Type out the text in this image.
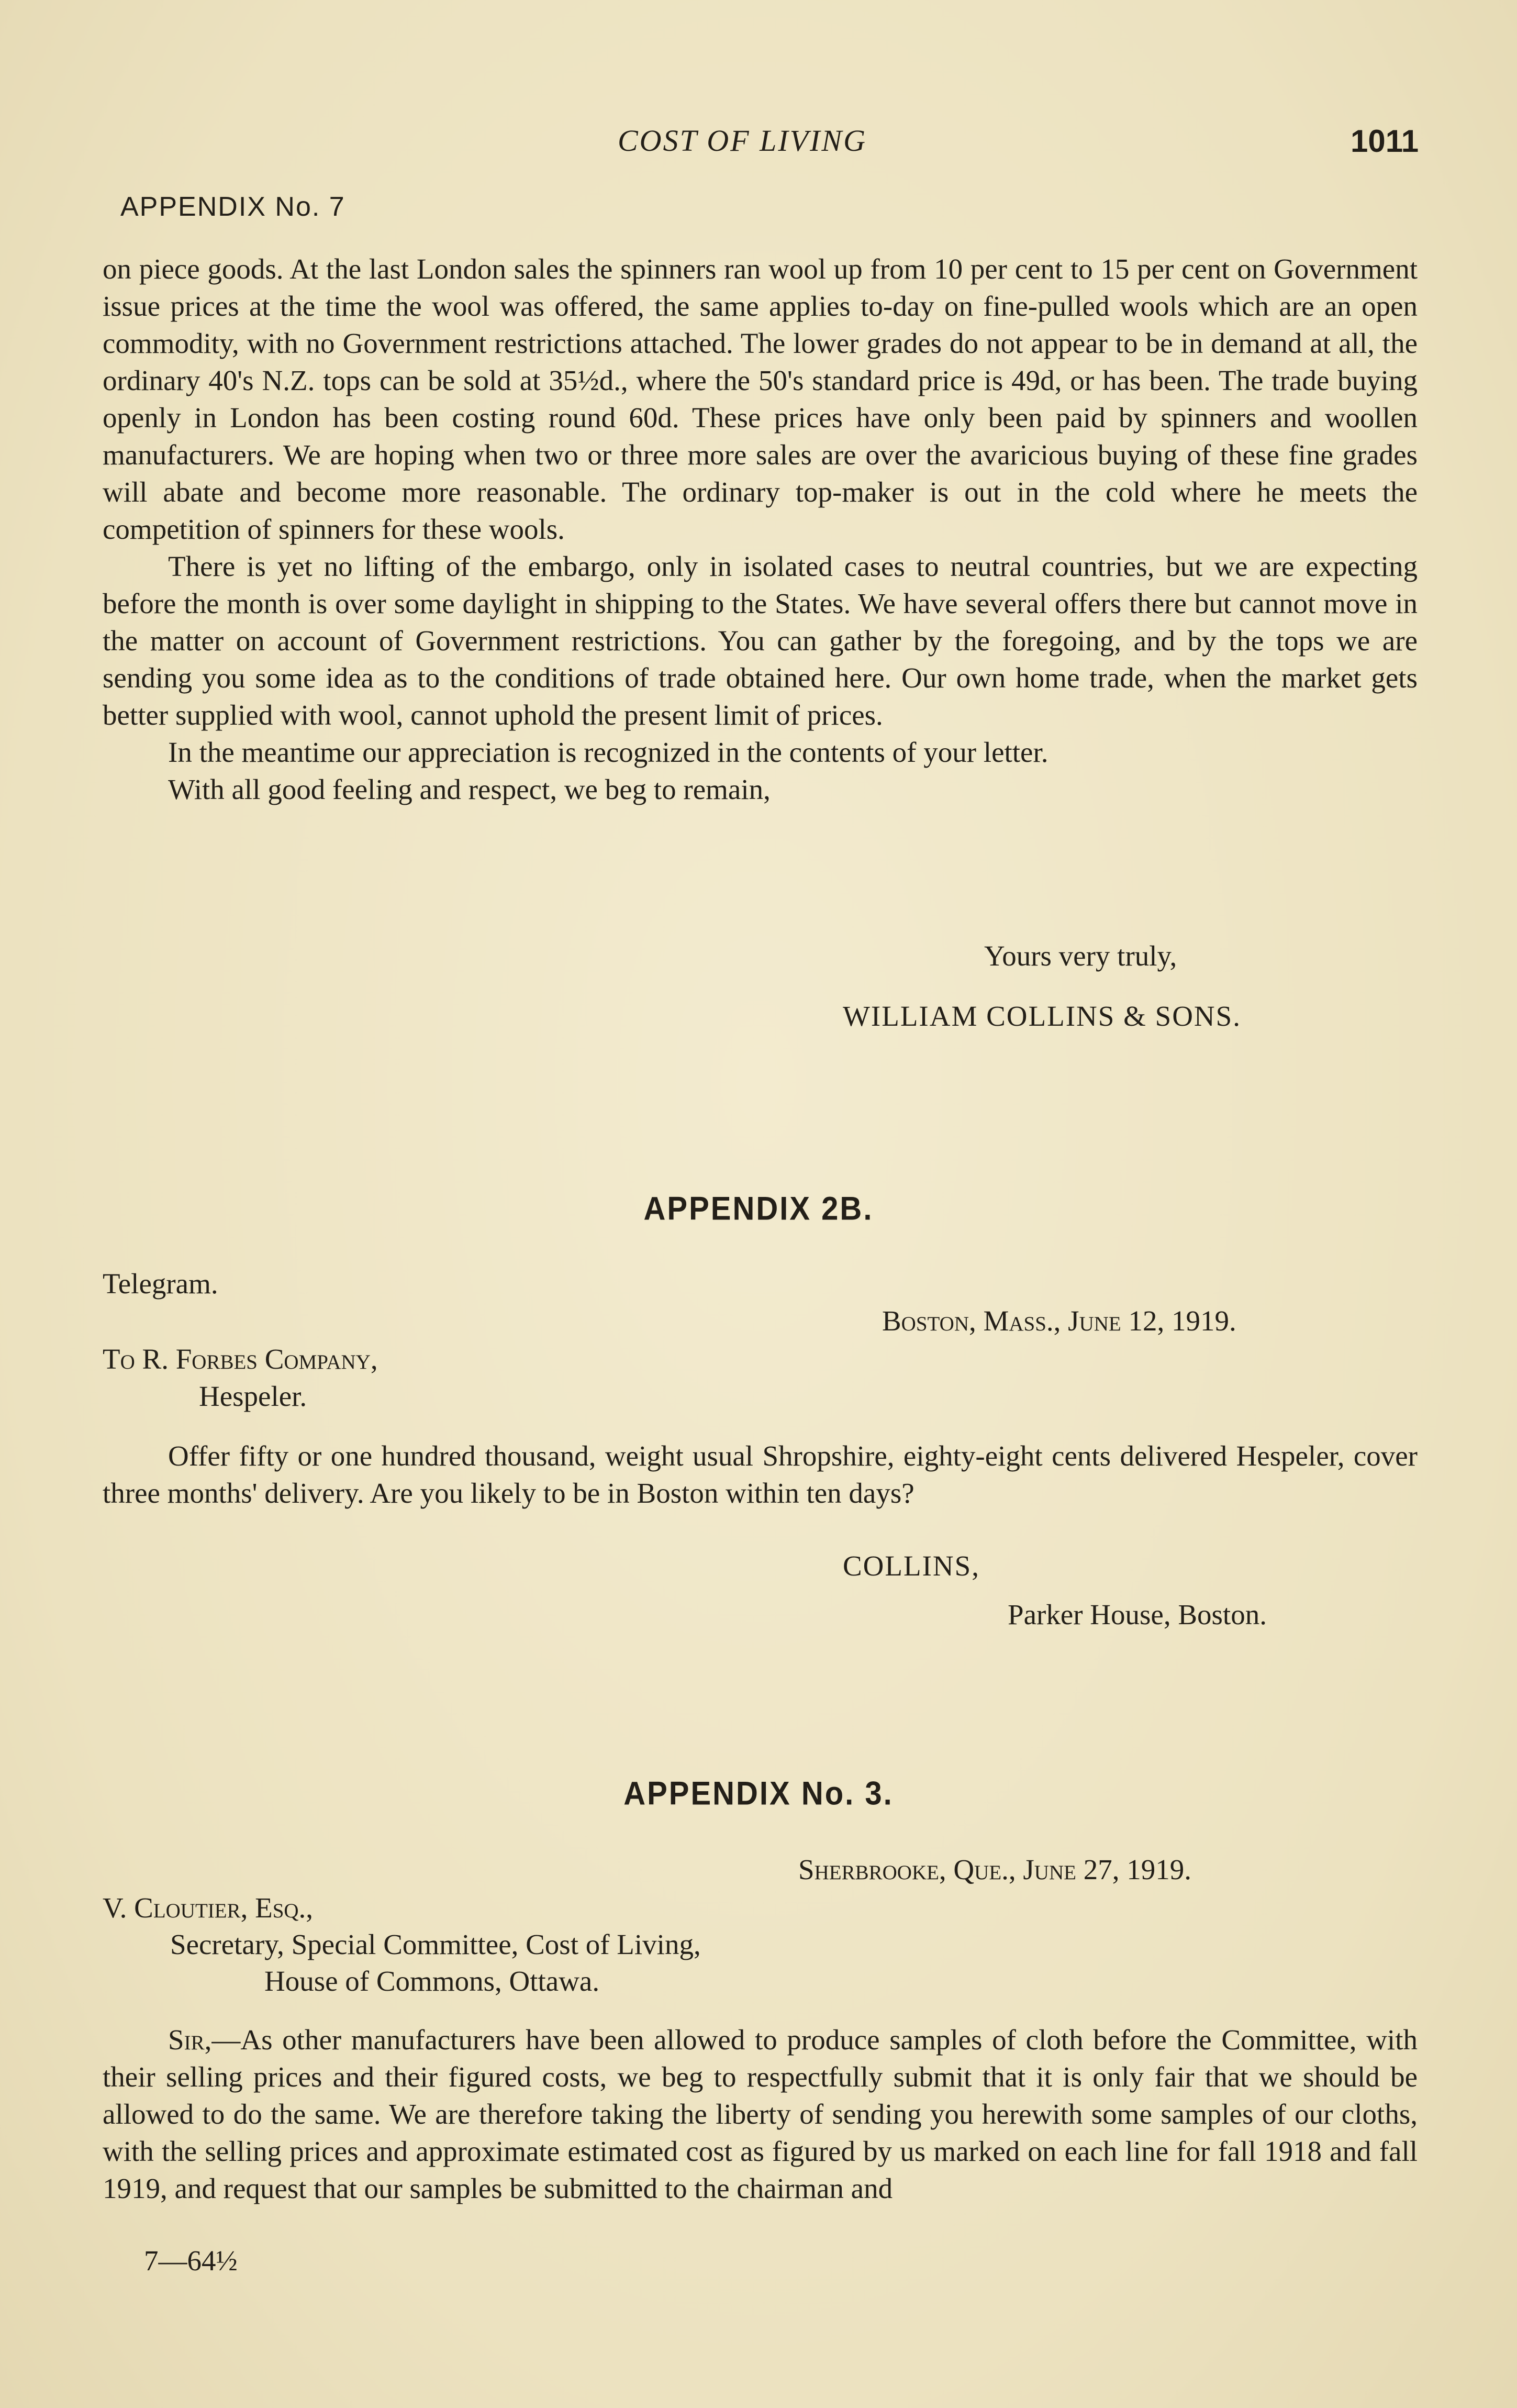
COST OF LIVING	1011
APPENDIX No. 7

on piece goods. At the last London sales the spinners ran wool up from 10 per cent to 15 per cent on Government issue prices at the time the wool was offered, the same applies to-day on fine-pulled wools which are an open commodity, with no Government restrictions attached. The lower grades do not appear to be in demand at all, the ordinary 40's N.Z. tops can be sold at 35½d., where the 50's standard price is 49d, or has been. The trade buying openly in London has been costing round 60d. These prices have only been paid by spinners and woollen manufacturers. We are hoping when two or three more sales are over the avaricious buying of these fine grades will abate and become more reasonable. The ordinary top-maker is out in the cold where he meets the competition of spinners for these wools.

There is yet no lifting of the embargo, only in isolated cases to neutral countries, but we are expecting before the month is over some daylight in shipping to the States. We have several offers there but cannot move in the matter on account of Government restrictions. You can gather by the foregoing, and by the tops we are sending you some idea as to the conditions of trade obtained here. Our own home trade, when the market gets better supplied with wool, cannot uphold the present limit of prices.

In the meantime our appreciation is recognized in the contents of your letter.

With all good feeling and respect, we beg to remain,

Yours very truly,
WILLIAM COLLINS & SONS.
APPENDIX 2B.
Telegram.
Boston, Mass., June 12, 1919.
To R. Forbes Company,
Hespeler.

Offer fifty or one hundred thousand, weight usual Shropshire, eighty-eight cents delivered Hespeler, cover three months' delivery. Are you likely to be in Boston within ten days?

COLLINS,
Parker House, Boston.
APPENDIX No. 3.
Sherbrooke, Que., June 27, 1919.
V. Cloutier, Esq.,
Secretary, Special Committee, Cost of Living,
House of Commons, Ottawa.

Sir,—As other manufacturers have been allowed to produce samples of cloth before the Committee, with their selling prices and their figured costs, we beg to respectfully submit that it is only fair that we should be allowed to do the same. We are therefore taking the liberty of sending you herewith some samples of our cloths, with the selling prices and approximate estimated cost as figured by us marked on each line for fall 1918 and fall 1919, and request that our samples be submitted to the chairman and

7—64½
